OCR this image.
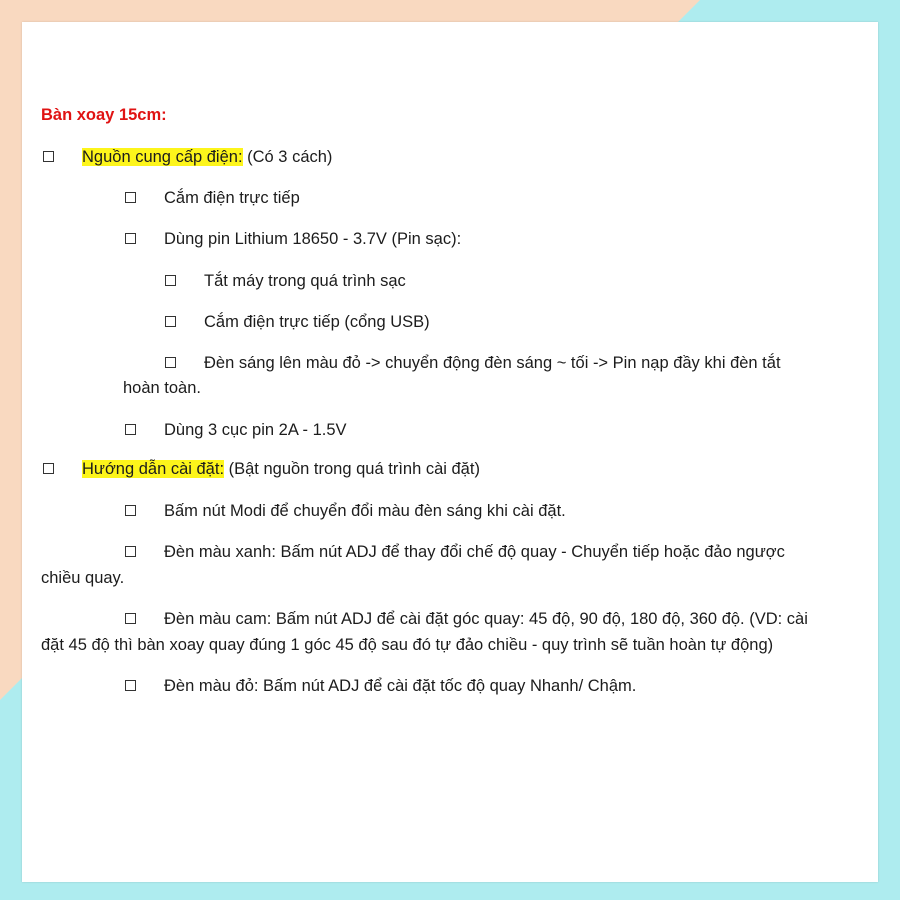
Bàn xoay 15cm:
Nguồn cung cấp điện: (Có 3 cách)
Cắm điện trực tiếp
Dùng pin Lithium 18650 - 3.7V (Pin sạc):
Tắt máy trong quá trình sạc
Cắm điện trực tiếp (cổng USB)
Đèn sáng lên màu đỏ -> chuyển động đèn sáng ~ tối -> Pin nạp đầy khi đèn tắt
hoàn toàn.
Dùng 3 cục pin 2A - 1.5V
Hướng dẫn cài đặt: (Bật nguồn trong quá trình cài đặt)
Bấm nút Modi để chuyển đổi màu đèn sáng khi cài đặt.
Đèn màu xanh: Bấm nút ADJ để thay đổi chế độ quay - Chuyển tiếp hoặc đảo ngược
chiều quay.
Đèn màu cam: Bấm nút ADJ để cài đặt góc quay: 45 độ, 90 độ, 180 độ, 360 độ. (VD: cài
đặt 45 độ thì bàn xoay quay đúng 1 góc 45 độ sau đó tự đảo chiều - quy trình sẽ tuần hoàn tự động)
Đèn màu đỏ: Bấm nút ADJ để cài đặt tốc độ quay Nhanh/ Chậm.
